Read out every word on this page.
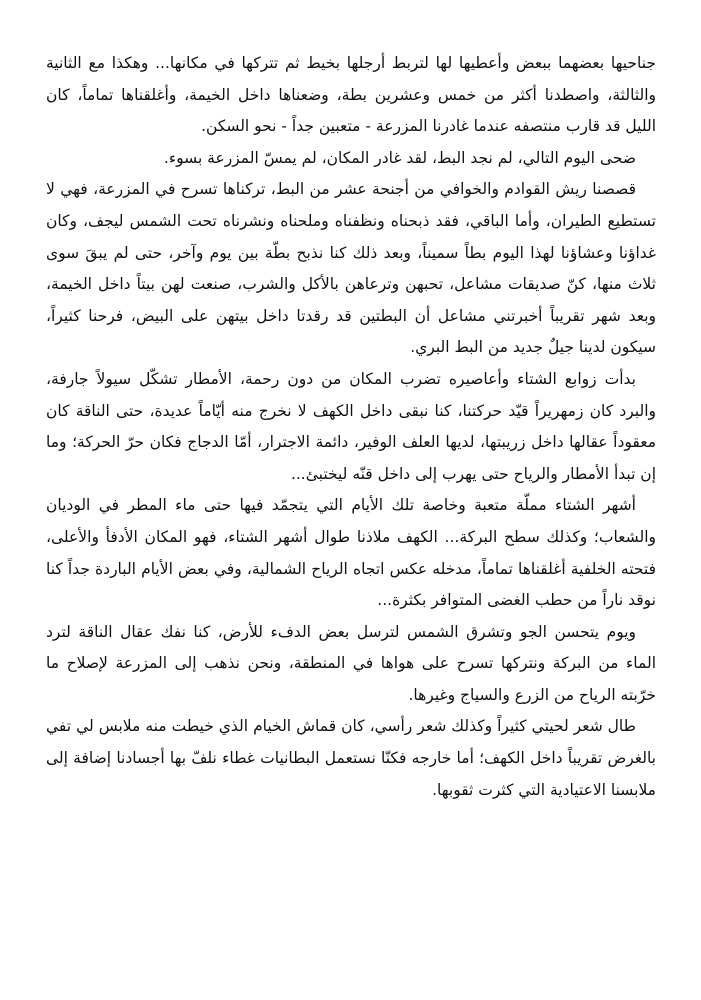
جناحيها بعضهما ببعض وأعطيها لها لتربط أرجلها بخيط ثم تتركها في مكانها... وهكذا مع الثانية والثالثة، واصطدنا أكثر من خمس وعشرين بطة، وضعناها داخل الخيمة، وأغلقناها تماماً، كان الليل قد قارب منتصفه عندما غادرنا المزرعة - متعبين جداً - نحو السكن.

ضحى اليوم التالي، لم نجد البط، لقد غادر المكان، لم يمسّ المزرعة بسوء.

قصصنا ريش القوادم والخوافي من أجنحة عشر من البط، تركناها تسرح في المزرعة، فهي لا تستطيع الطيران، وأما الباقي، فقد ذبحناه ونظفناه وملحناه ونشرناه تحت الشمس ليجف، وكان غداؤنا وعشاؤنا لهذا اليوم بطاً سميناً، وبعد ذلك كنا نذبح بطّة بين يوم وآخر، حتى لم يبقَ سوى ثلاث منها، كنّ صديقات مشاعل، تحبهن وترعاهن بالأكل والشرب، صنعت لهن بيتاً داخل الخيمة، وبعد شهر تقريباً أخبرتني مشاعل أن البطتين قد رقدتا داخل بيتهن على البيض، فرحنا كثيراً، سيكون لدينا جيلٌ جديد من البط البري.

بدأت زوابع الشتاء وأعاصيره تضرب المكان من دون رحمة، الأمطار تشكّل سيولاً جارفة، والبرد كان زمهريراً قيّد حركتنا، كنا نبقى داخل الكهف لا نخرج منه أيّاماً عديدة، حتى الناقة كان معقوداً عقالها داخل زريبتها، لديها العلف الوفير، دائمة الاجترار، أمّا الدجاج فكان حرّ الحركة؛ وما إن تبدأ الأمطار والرياح حتى يهرب إلى داخل قنّه ليختبئ...

أشهر الشتاء مملّة متعبة وخاصة تلك الأيام التي يتجمّد فيها حتى ماء المطر في الوديان والشعاب؛ وكذلك سطح البركة... الكهف ملاذنا طوال أشهر الشتاء، فهو المكان الأدفأ والأعلى، فتحته الخلفية أغلقناها تماماً، مدخله عكس اتجاه الرياح الشمالية، وفي بعض الأيام الباردة جداً كنا نوقد ناراً من حطب الغضى المتوافر بكثرة...

ويوم يتحسن الجو وتشرق الشمس لترسل بعض الدفء للأرض، كنا نفك عقال الناقة لترد الماء من البركة ونتركها تسرح على هواها في المنطقة، ونحن نذهب إلى المزرعة لإصلاح ما خرّبته الرياح من الزرع والسياج وغيرها.

طال شعر لحيتي كثيراً وكذلك شعر رأسي، كان قماش الخيام الذي خيطت منه ملابس لي تفي بالغرض تقريباً داخل الكهف؛ أما خارجه فكنّا نستعمل البطانيات غطاء نلفّ بها أجسادنا إضافة إلى ملابسنا الاعتيادية التي كثرت ثقوبها.
